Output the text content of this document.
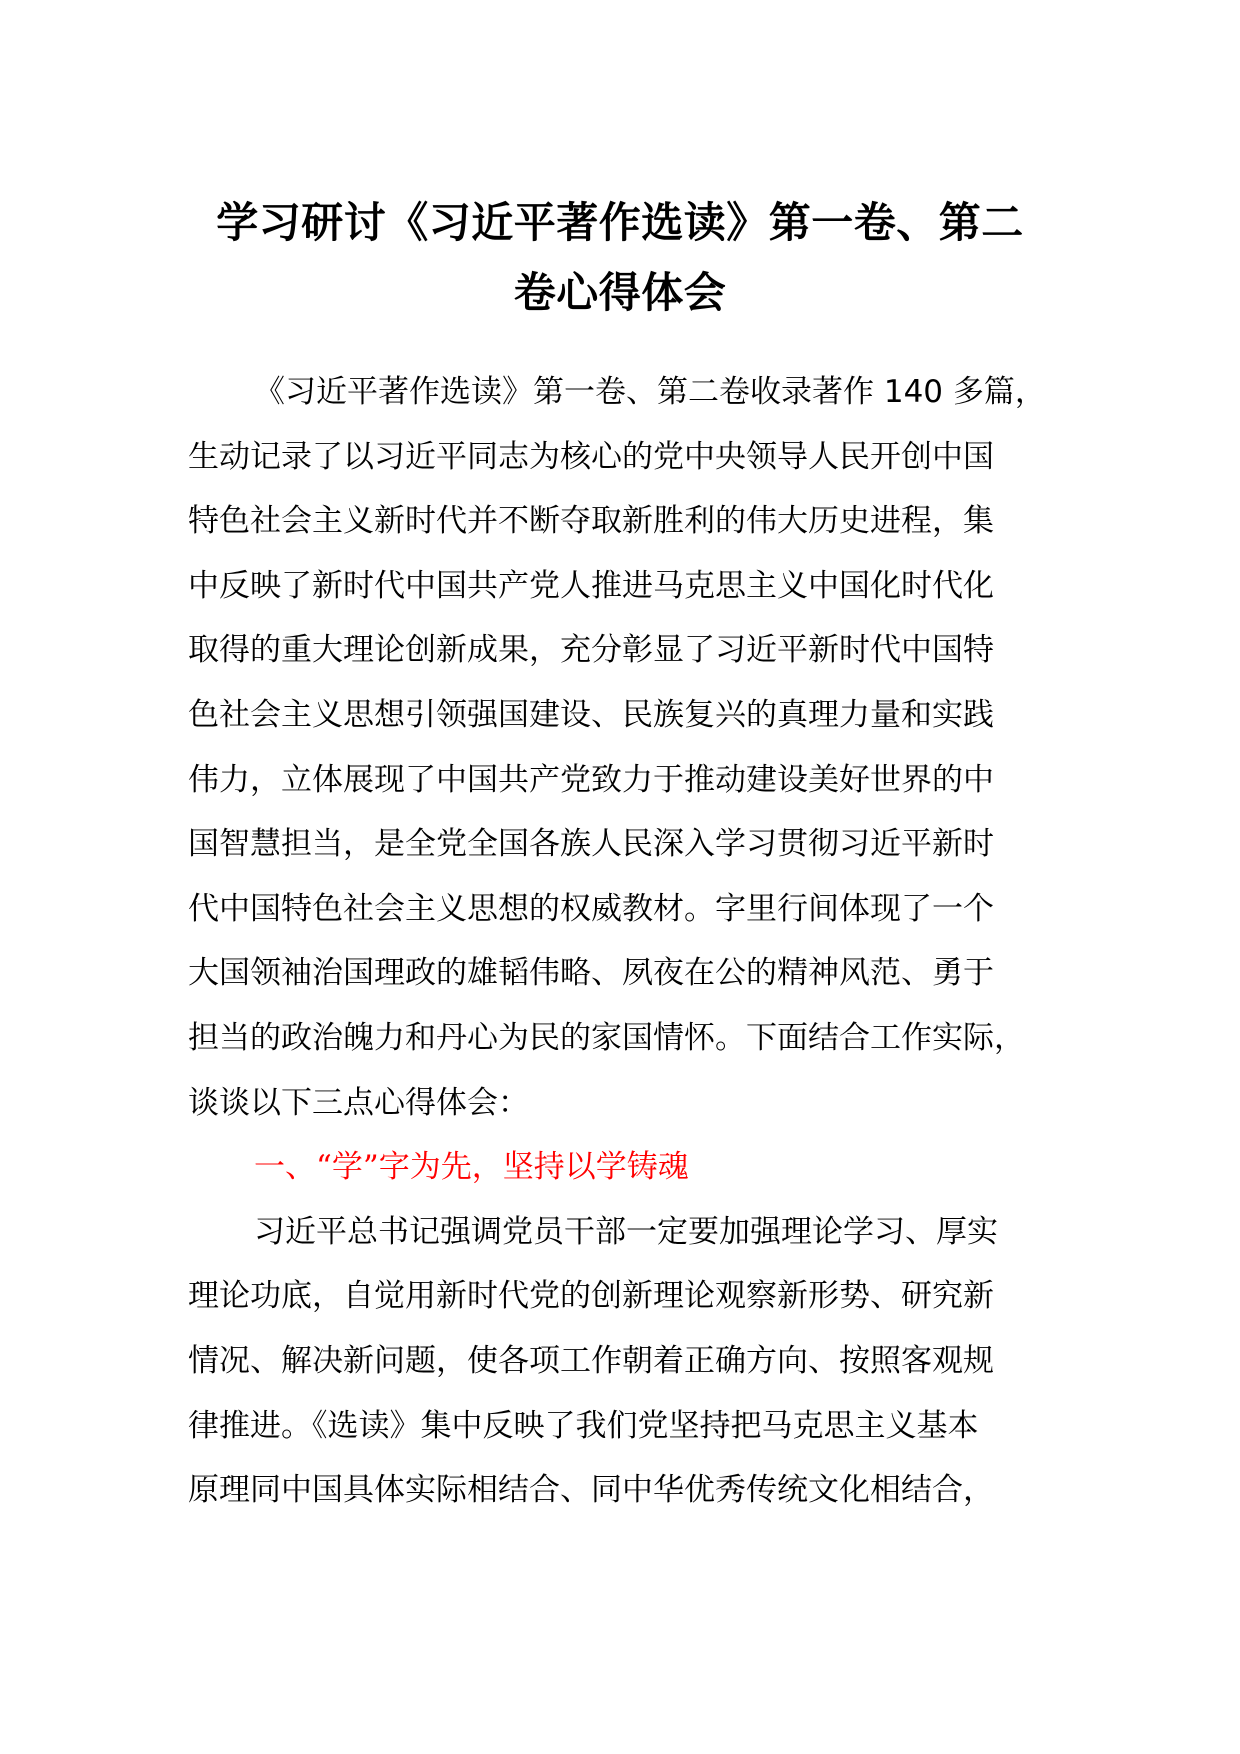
学习研讨《习近平著作选读》第一卷、第二
卷心得体会

《习近平著作选读》第一卷、第二卷收录著作 140 多篇，
生动记录了以习近平同志为核心的党中央领导人民开创中国
特色社会主义新时代并不断夺取新胜利的伟大历史进程，集
中反映了新时代中国共产党人推进马克思主义中国化时代化
取得的重大理论创新成果，充分彰显了习近平新时代中国特
色社会主义思想引领强国建设、民族复兴的真理力量和实践
伟力，立体展现了中国共产党致力于推动建设美好世界的中
国智慧担当，是全党全国各族人民深入学习贯彻习近平新时
代中国特色社会主义思想的权威教材。字里行间体现了一个
大国领袖治国理政的雄韬伟略、夙夜在公的精神风范、勇于
担当的政治魄力和丹心为民的家国情怀。下面结合工作实际，
谈谈以下三点心得体会：

一、“学”字为先，坚持以学铸魂

习近平总书记强调党员干部一定要加强理论学习、厚实
理论功底，自觉用新时代党的创新理论观察新形势、研究新
情况、解决新问题，使各项工作朝着正确方向、按照客观规
律推进。《选读》集中反映了我们党坚持把马克思主义基本
原理同中国具体实际相结合、同中华优秀传统文化相结合，
